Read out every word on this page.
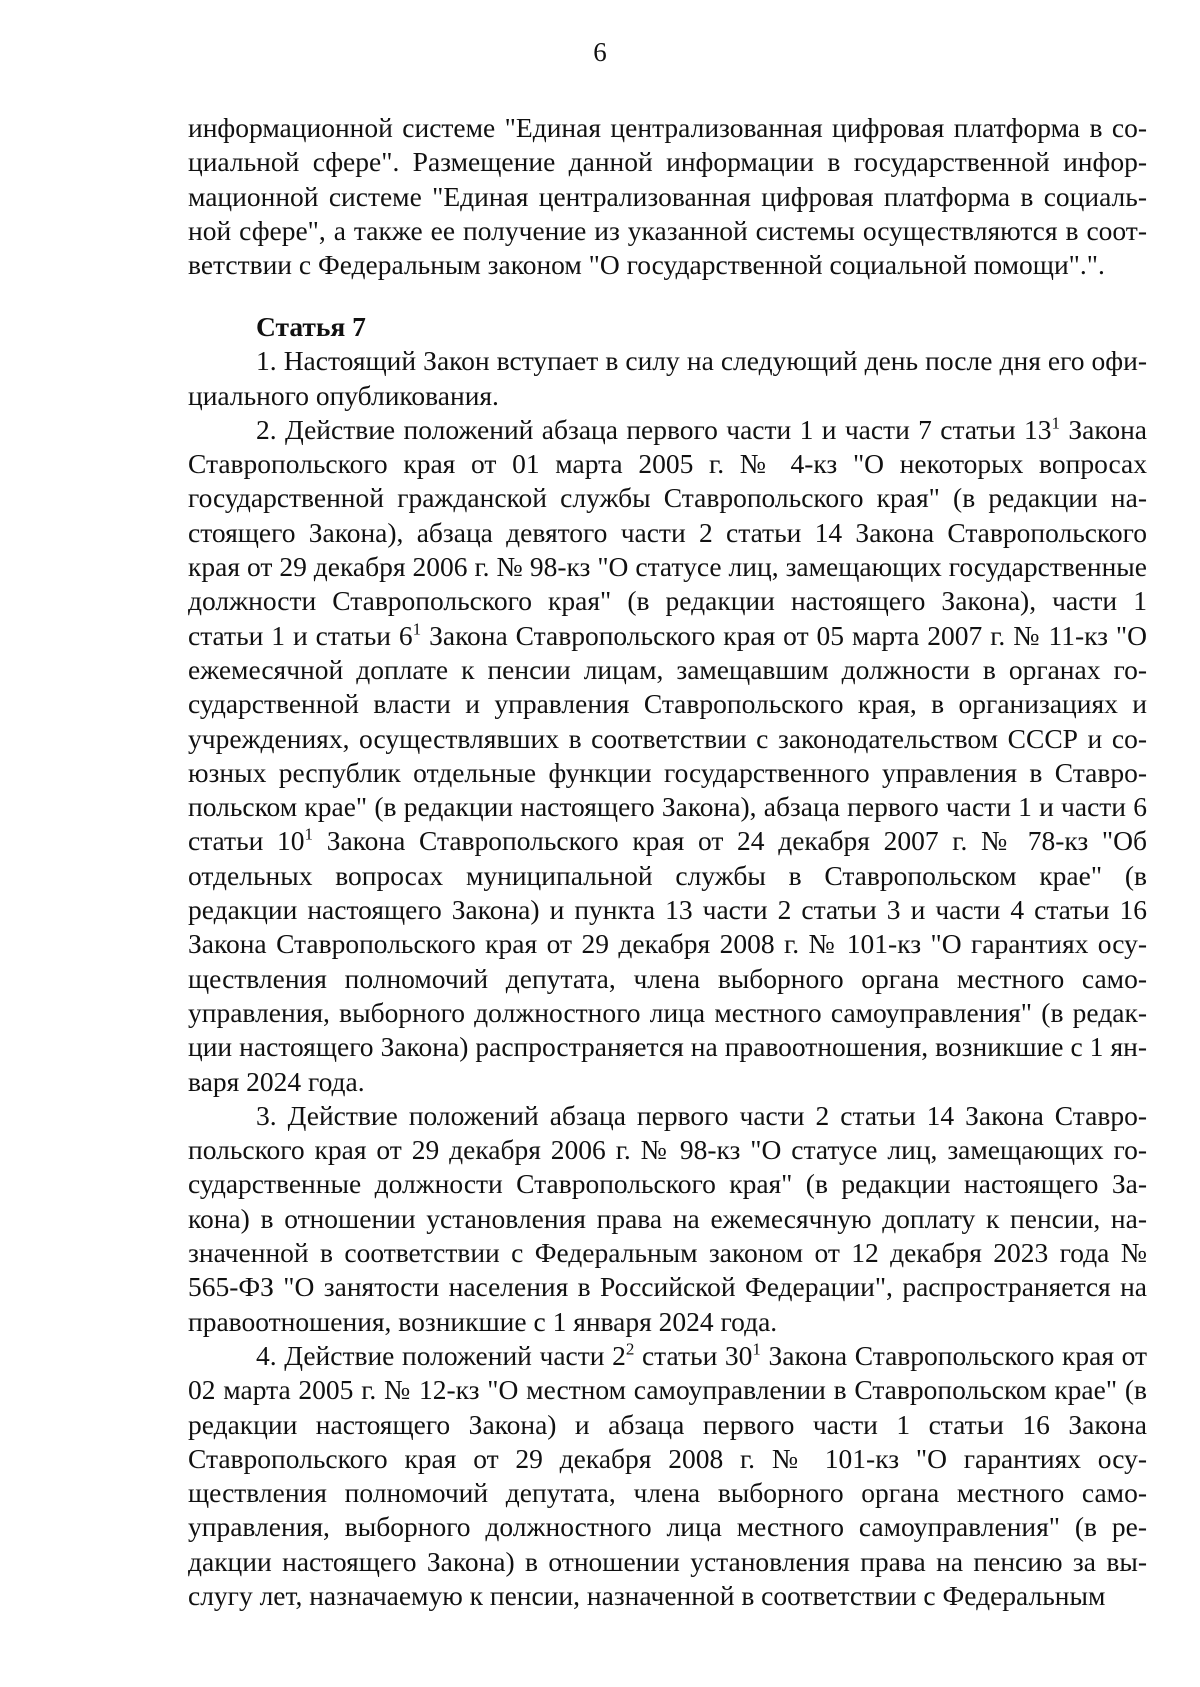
6

информационной системе "Единая централизованная цифровая платформа в социальной сфере". Размещение данной информации в государственной информационной системе "Единая централизованная цифровая платформа в социальной сфере", а также ее получение из указанной системы осуществляются в соответствии с Федеральным законом "О государственной социальной помощи".".

Статья 7

1. Настоящий Закон вступает в силу на следующий день после дня его официального опубликования.

2. Действие положений абзаца первого части 1 и части 7 статьи $13^1$ Закона Ставропольского края от 01 марта 2005 г. № 4-кз "О некоторых вопросах государственной гражданской службы Ставропольского края" (в редакции настоящего Закона), абзаца девятого части 2 статьи 14 Закона Ставропольского края от 29 декабря 2006 г. № 98-кз "О статусе лиц, замещающих государственные должности Ставропольского края" (в редакции настоящего Закона), части 1 статьи 1 и статьи $6^1$ Закона Ставропольского края от 05 марта 2007 г. № 11-кз "О ежемесячной доплате к пенсии лицам, замещавшим должности в органах государственной власти и управления Ставропольского края, в организациях и учреждениях, осуществлявших в соответствии с законодательством СССР и союзных республик отдельные функции государственного управления в Ставропольском крае" (в редакции настоящего Закона), абзаца первого части 1 и части 6 статьи $10^1$ Закона Ставропольского края от 24 декабря 2007 г. № 78-кз "Об отдельных вопросах муниципальной службы в Ставропольском крае" (в редакции настоящего Закона) и пункта 13 части 2 статьи 3 и части 4 статьи 16 Закона Ставропольского края от 29 декабря 2008 г. № 101-кз "О гарантиях осуществления полномочий депутата, члена выборного органа местного самоуправления, выборного должностного лица местного самоуправления" (в редакции настоящего Закона) распространяется на правоотношения, возникшие с 1 января 2024 года.

3. Действие положений абзаца первого части 2 статьи 14 Закона Ставропольского края от 29 декабря 2006 г. № 98-кз "О статусе лиц, замещающих государственные должности Ставропольского края" (в редакции настоящего Закона) в отношении установления права на ежемесячную доплату к пенсии, назначенной в соответствии с Федеральным законом от 12 декабря 2023 года № 565-ФЗ "О занятости населения в Российской Федерации", распространяется на правоотношения, возникшие с 1 января 2024 года.

4. Действие положений части $2^2$ статьи $30^1$ Закона Ставропольского края от 02 марта 2005 г. № 12-кз "О местном самоуправлении в Ставропольском крае" (в редакции настоящего Закона) и абзаца первого части 1 статьи 16 Закона Ставропольского края от 29 декабря 2008 г. № 101-кз "О гарантиях осуществления полномочий депутата, члена выборного органа местного самоуправления, выборного должностного лица местного самоуправления" (в редакции настоящего Закона) в отношении установления права на пенсию за выслугу лет, назначаемую к пенсии, назначенной в соответствии с Федеральным
